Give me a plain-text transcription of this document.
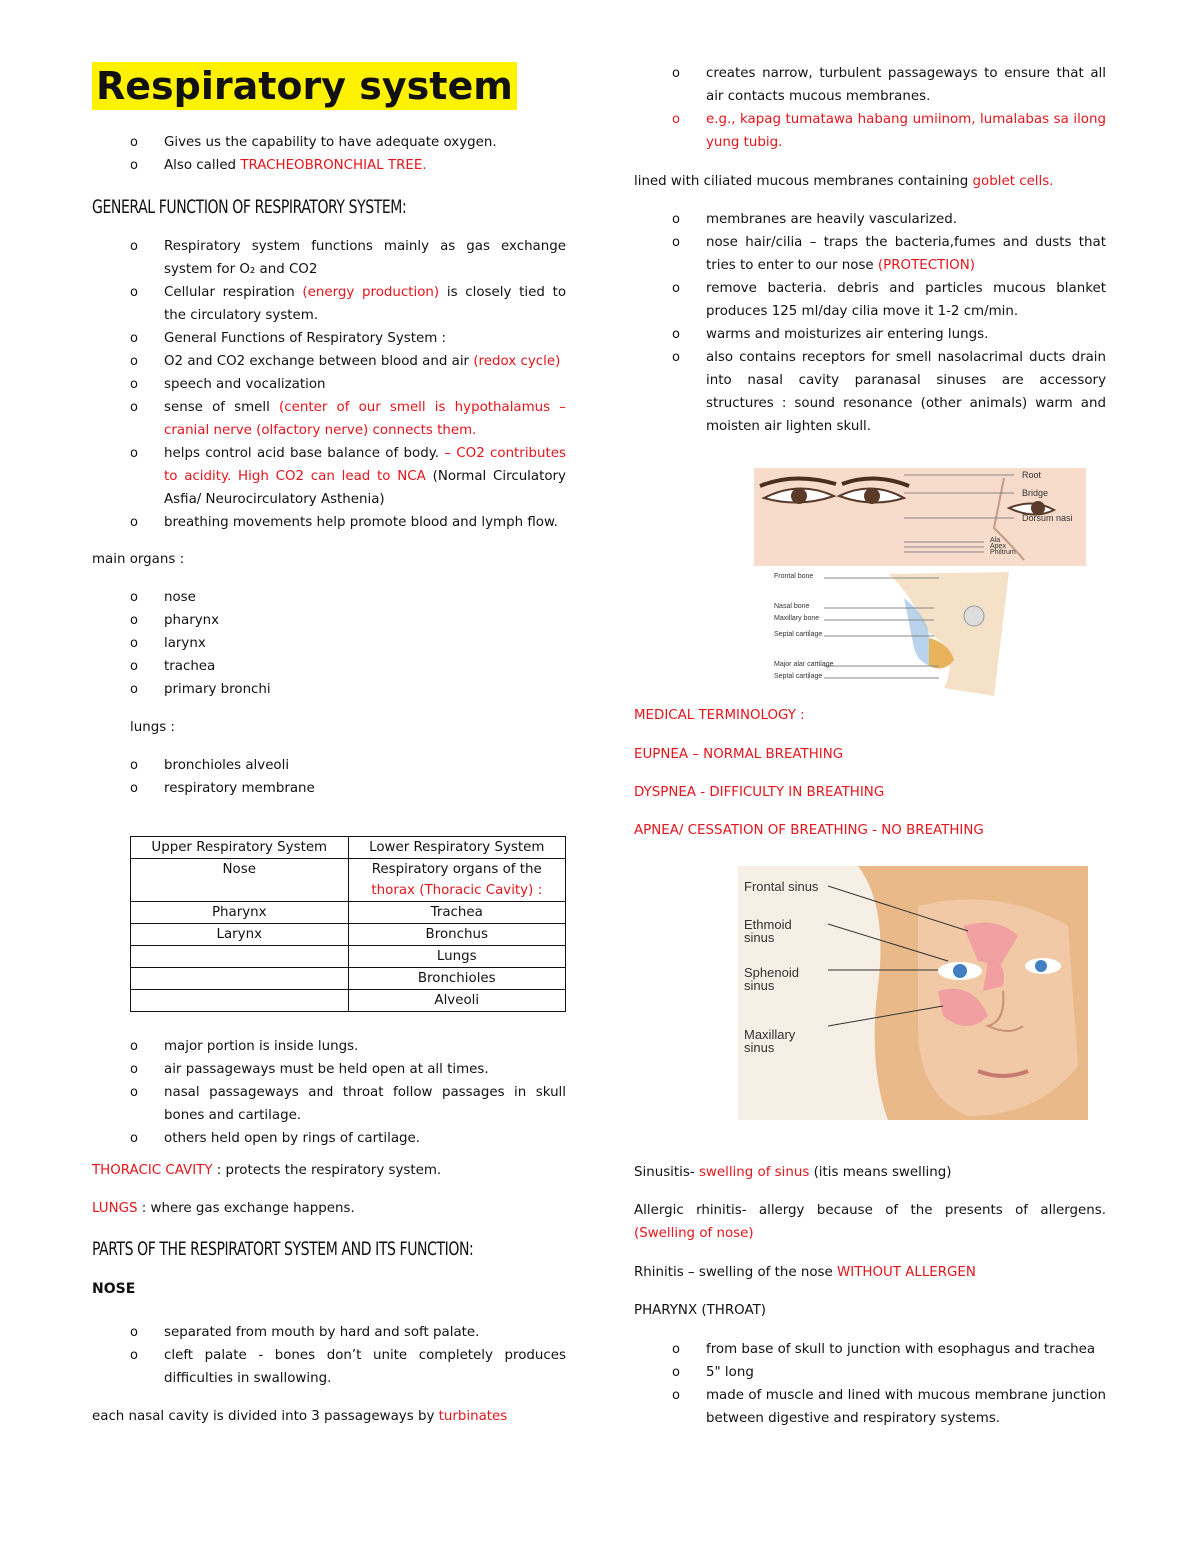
Respiratory system
o Gives us the capability to have adequate oxygen.
o Also called TRACHEOBRONCHIAL TREE.
GENERAL FUNCTION OF RESPIRATORY SYSTEM:
o Respiratory system functions mainly as gas exchange system for O₂ and CO2
o Cellular respiration (energy production) is closely tied to the circulatory system.
o General Functions of Respiratory System :
o O2 and CO2 exchange between blood and air (redox cycle)
o speech and vocalization
o sense of smell (center of our smell is hypothalamus – cranial nerve (olfactory nerve) connects them.
o helps control acid base balance of body. – CO2 contributes to acidity. High CO2 can lead to NCA (Normal Circulatory Asfia/ Neurocirculatory Asthenia)
o breathing movements help promote blood and lymph flow.
main organs :
o nose
o pharynx
o larynx
o trachea
o primary bronchi
lungs :
o bronchioles alveoli
o respiratory membrane
Upper Respiratory System	Lower Respiratory System
Nose	Respiratory organs of the thorax (Thoracic Cavity) :
Pharynx	Trachea
Larynx	Bronchus
	Lungs
	Bronchioles
	Alveoli
o major portion is inside lungs.
o air passageways must be held open at all times.
o nasal passageways and throat follow passages in skull bones and cartilage.
o others held open by rings of cartilage.
THORACIC CAVITY : protects the respiratory system.
LUNGS : where gas exchange happens.
PARTS OF THE RESPIRATORT SYSTEM AND ITS FUNCTION:
NOSE
o separated from mouth by hard and soft palate.
o cleft palate - bones don’t unite completely produces difficulties in swallowing.
each nasal cavity is divided into 3 passageways by turbinates
o creates narrow, turbulent passageways to ensure that all air contacts mucous membranes.
o e.g., kapag tumatawa habang umiinom, lumalabas sa ilong yung tubig.
lined with ciliated mucous membranes containing goblet cells.
o membranes are heavily vascularized.
o nose hair/cilia – traps the bacteria,fumes and dusts that tries to enter to our nose (PROTECTION)
o remove bacteria. debris and particles mucous blanket produces 125 ml/day cilia move it 1-2 cm/min.
o warms and moisturizes air entering lungs.
o also contains receptors for smell nasolacrimal ducts drain into nasal cavity paranasal sinuses are accessory structures : sound resonance (other animals) warm and moisten air lighten skull.
Root
Bridge
Dorsum nasi
Ala
Apex
Philtrum
Frontal bone
Nasal bone
Maxillary bone
Septal cartilage
Major alar cartilage
Septal cartilage
MEDICAL TERMINOLOGY :
EUPNEA – NORMAL BREATHING
DYSPNEA - DIFFICULTY IN BREATHING
APNEA/ CESSATION OF BREATHING - NO BREATHING
Frontal sinus
Ethmoid
sinus
Sphenoid
sinus
Maxillary
sinus
Sinusitis- swelling of sinus (itis means swelling)
Allergic rhinitis- allergy because of the presents of allergens. (Swelling of nose)
Rhinitis – swelling of the nose WITHOUT ALLERGEN
PHARYNX (THROAT)
o from base of skull to junction with esophagus and trachea
o 5" long
o made of muscle and lined with mucous membrane junction between digestive and respiratory systems.
